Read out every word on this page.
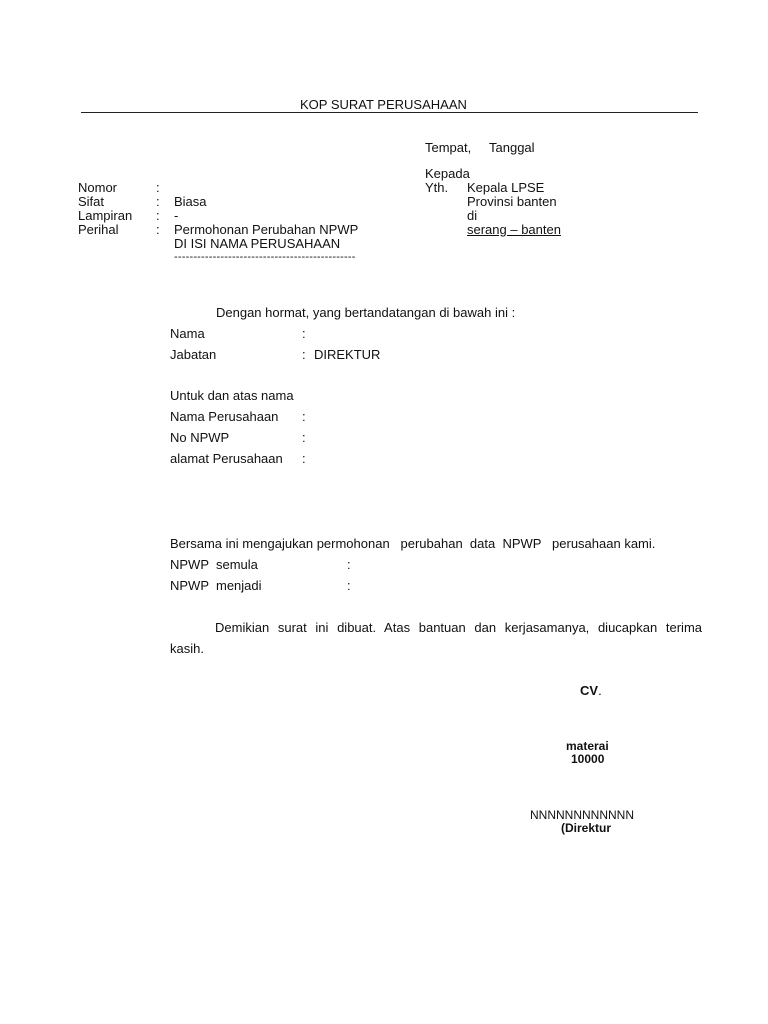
KOP SURAT PERUSAHAAN
Tempat, Tanggal
Kepada
Yth. Kepala LPSE
Provinsi banten
di
serang – banten
Nomor	:
Sifat	: Biasa
Lampiran : -
Perihal	: Permohonan Perubahan NPWP
DI ISI NAMA PERUSAHAAN
-----------------------------------------------
Dengan hormat, yang bertandatangan di bawah ini :
Nama	:
Jabatan	: DIREKTUR
Untuk dan atas nama
Nama Perusahaan :
No NPWP	:
alamat Perusahaan :
Bersama ini mengajukan permohonan   perubahan  data  NPWP   perusahaan kami.
NPWP  semula	:
NPWP  menjadi	:
Demikian surat ini dibuat. Atas bantuan dan kerjasamanya, diucapkan terima
kasih.
CV.
materai
10000
NNNNNNNNNNNN
(Direktur
